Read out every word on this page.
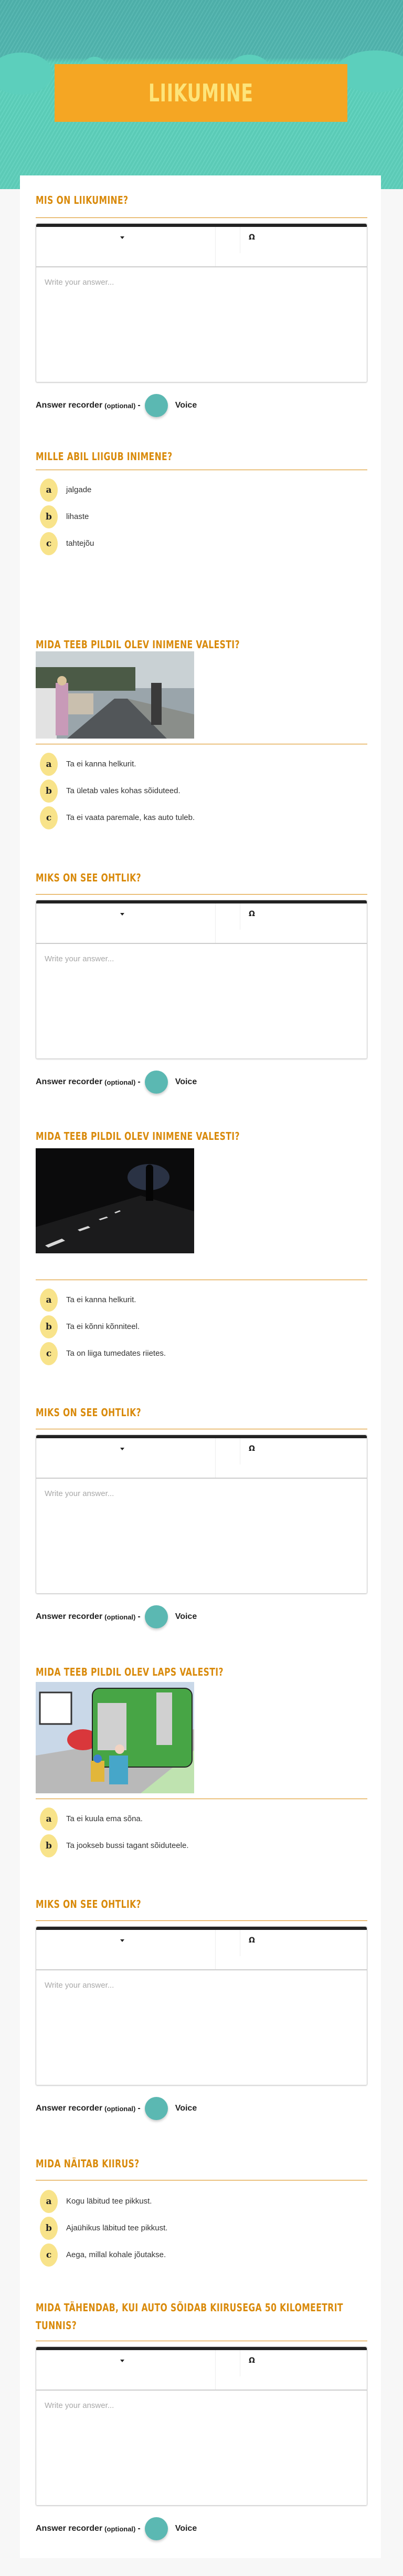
LIIKUMINE
MIS ON LIIKUMINE?
Ω
Write your answer...
Answer recorder (optional) -	Voice
MILLE ABIL LIIGUB INIMENE?
a	jalgade
b	lihaste
c	tahtejõu
MIDA TEEB PILDIL OLEV INIMENE VALESTI?
a	Ta ei kanna helkurit.
b	Ta ületab vales kohas sõiduteed.
c	Ta ei vaata paremale, kas auto tuleb.
MIKS ON SEE OHTLIK?
Ω
Write your answer...
Answer recorder (optional) -	Voice
MIDA TEEB PILDIL OLEV INIMENE VALESTI?
a	Ta ei kanna helkurit.
b	Ta ei kõnni kõnniteel.
c	Ta on liiga tumedates riietes.
MIKS ON SEE OHTLIK?
Ω
Write your answer...
Answer recorder (optional) -	Voice
MIDA TEEB PILDIL OLEV LAPS VALESTI?
a	Ta ei kuula ema sõna.
b	Ta jookseb bussi tagant sõiduteele.
MIKS ON SEE OHTLIK?
Ω
Write your answer...
Answer recorder (optional) -	Voice
MIDA NÄITAB KIIRUS?
a	Kogu läbitud tee pikkust.
b	Ajaühikus läbitud tee pikkust.
c	Aega, millal kohale jõutakse.
MIDA TÄHENDAB, KUI AUTO SÕIDAB KIIRUSEGA 50 KILOMEETRIT TUNNIS?
Ω
Write your answer...
Answer recorder (optional) -	Voice
